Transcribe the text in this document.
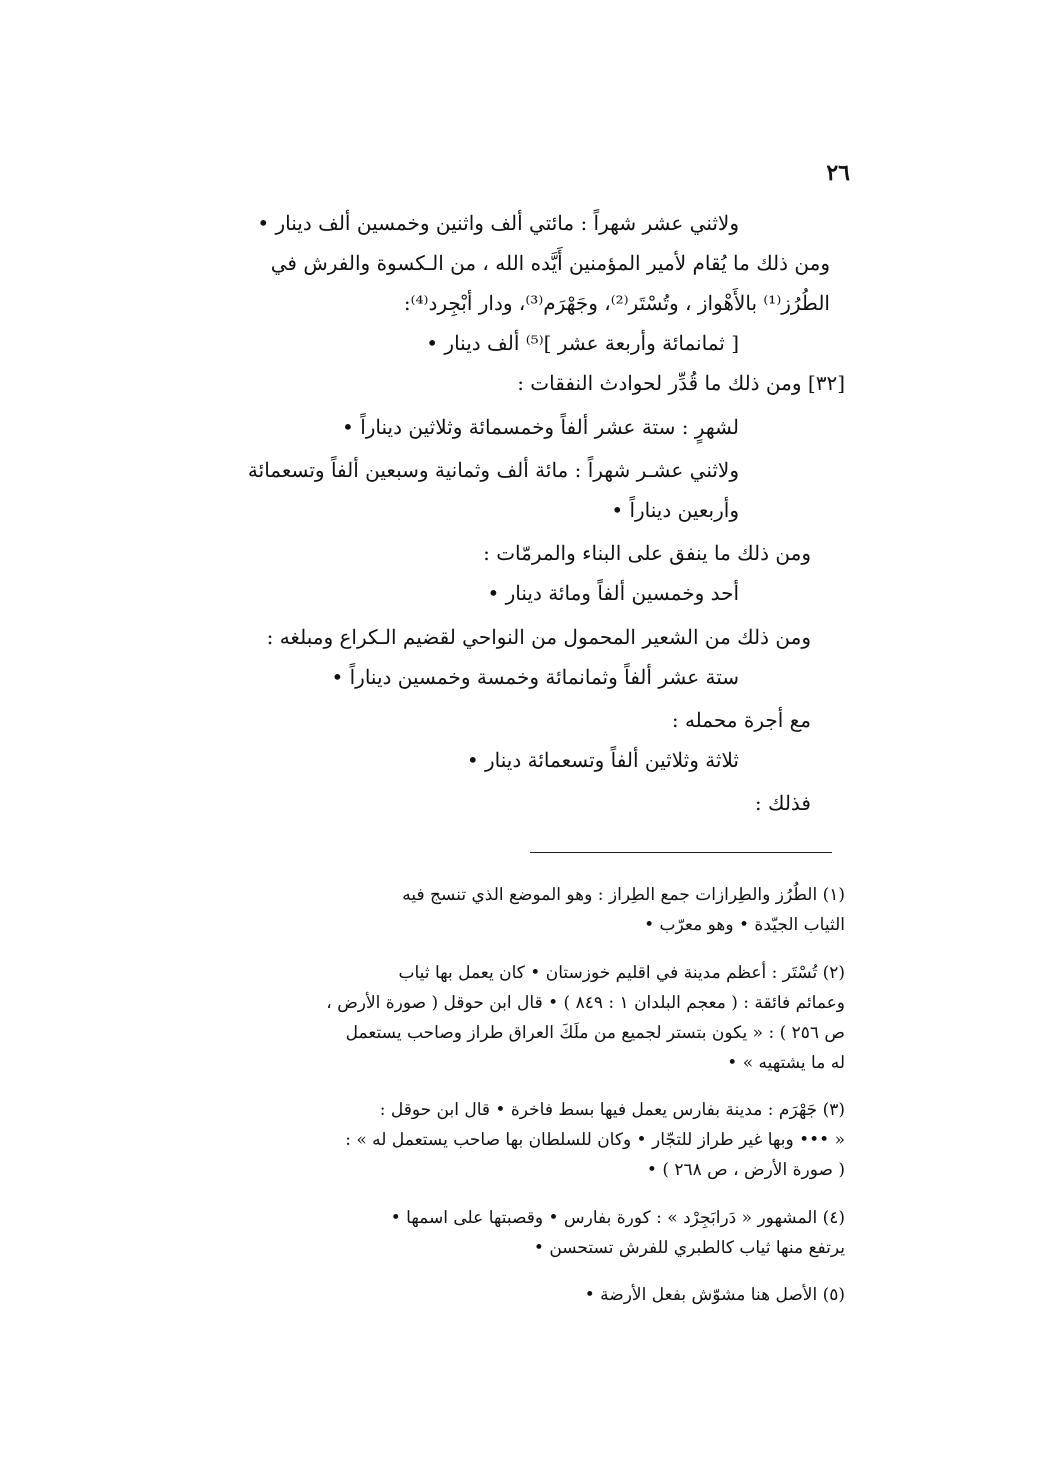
٢٦
ولاثني عشر شهراً : مائتي ألف واثنين وخمسين ألف دينار •
ومن ذلك ما يُقام لأمير المؤمنين أَيَّده الله ، من الـكسوة والفرش في
الطُرُز⁽¹⁾ بالأَهْواز ، وتُسْتَر⁽²⁾، وجَهْرَم⁽³⁾، ودار أبْجِرد⁽⁴⁾:
[ ثمانمائة وأربعة عشر ]⁽⁵⁾ ألف دينار •
[٣٢] ومن ذلك ما قُدِّر لحوادث النفقات :
لشهرٍ : ستة عشر ألفاً وخمسمائة وثلاثين ديناراً •
ولاثني عشـر شهراً : مائة ألف وثمانية وسبعين ألفاً وتسعمائة
وأربعين ديناراً •
ومن ذلك ما ينفق على البناء والمرمّات :
أحد وخمسين ألفاً ومائة دينار •
ومن ذلك من الشعير المحمول من النواحي لقضيم الـكراع ومبلغه :
ستة عشر ألفاً وثمانمائة وخمسة وخمسين ديناراً •
مع أجرة محمله :
ثلاثة وثلاثين ألفاً وتسعمائة دينار •
فذلك :
(١) الطُرُز والطِرازات جمع الطِراز : وهو الموضع الذي تنسج فيه
الثياب الجيّدة • وهو معرّب •
(٢) تُسْتَر : أعظم مدينة في اقليم خوزستان • كان يعمل بها ثياب
وعمائم فائقة : ( معجم البلدان ١ : ٨٤٩ ) • قال ابن حوقل ( صورة الأرض ،
ص ٢٥٦ ) : « يكون بتستر لجميع من ملَكَ العراق طراز وصاحب يستعمل
له ما يشتهيه » •
(٣) جَهْرَم : مدينة بفارس يعمل فيها بسط فاخرة • قال ابن حوقل :
« ••• وبها غير طراز للتجّار • وكان للسلطان بها صاحب يستعمل له » :
( صورة الأرض ، ص ٢٦٨ ) •
(٤) المشهور « دَرابَجِرْد » : كورة بفارس • وقصبتها على اسمها •
يرتفع منها ثياب كالطبري للفرش تستحسن •
(٥) الأصل هنا مشوّش بفعل الأرضة •
